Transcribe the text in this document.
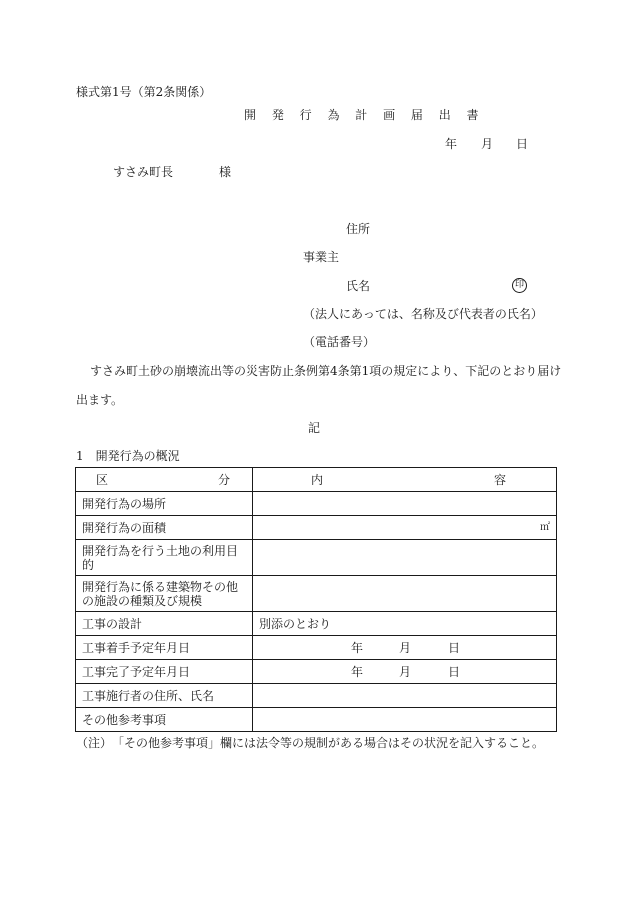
様式第1号（第2条関係）
開 発 行 為 計 画 届 出 書
年 月 日
すさみ町長	様
住所
事業主
氏名	印
（法人にあっては、名称及び代表者の氏名）
（電話番号）
すさみ町土砂の崩壊流出等の災害防止条例第4条第1項の規定により、下記のとおり届け
出ます。
記
1　開発行為の概況
区 分	内 容

開発行為の場所	
開発行為の面積	㎡

開発行為を行う土地の利用目的	
開発行為に係る建築物その他の施設の種類及び規模	
工事の設計	別添のとおり
工事着手予定年月日	年 月 日

工事完了予定年月日	年 月 日

工事施行者の住所、氏名	
その他参考事項	
（注）　「その他参考事項」欄には法令等の規制がある場合はその状況を記入すること。
